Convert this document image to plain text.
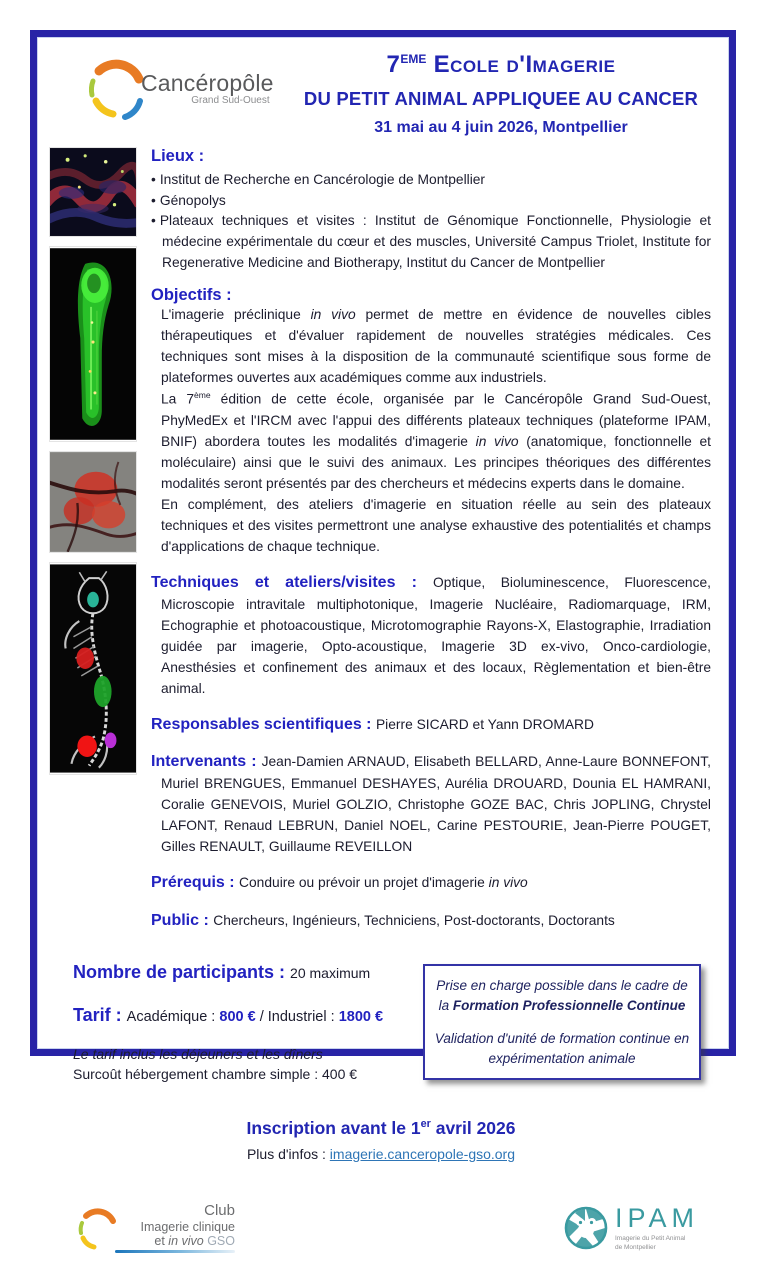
Cancéropôle
Grand Sud-Ouest
7EME Ecole d'Imagerie
DU PETIT ANIMAL APPLIQUEE AU CANCER
31 mai au 4 juin 2026, Montpellier
Lieux :
• Institut de Recherche en Cancérologie de Montpellier
• Génopolys
• Plateaux techniques et visites : Institut de Génomique Fonctionnelle, Physiologie et médecine expérimentale du cœur et des muscles, Université Campus Triolet, Institute for Regenerative Medicine and Biotherapy, Institut du Cancer de Montpellier
Objectifs :

L'imagerie préclinique in vivo permet de mettre en évidence de nouvelles cibles thérapeutiques et d'évaluer rapidement de nouvelles stratégies médicales. Ces techniques sont mises à la disposition de la communauté scientifique sous forme de plateformes ouvertes aux académiques comme aux industriels.

La 7ème édition de cette école, organisée par le Cancéropôle Grand Sud-Ouest, PhyMedEx et l'IRCM avec l'appui des différents plateaux techniques (plateforme IPAM, BNIF) abordera toutes les modalités d'imagerie in vivo (anatomique, fonctionnelle et moléculaire) ainsi que le suivi des animaux. Les principes théoriques des différentes modalités seront présentés par des chercheurs et médecins experts dans le domaine.

En complément, des ateliers d'imagerie en situation réelle au sein des plateaux techniques et des visites permettront une analyse exhaustive des potentialités et champs d'applications de chaque technique.

Techniques et ateliers/visites : Optique, Bioluminescence, Fluorescence, Microscopie intravitale multiphotonique, Imagerie Nucléaire, Radiomarquage, IRM, Echographie et photoacoustique, Microtomographie Rayons-X, Elastographie, Irradiation guidée par imagerie, Opto-acoustique, Imagerie 3D ex-vivo, Onco-cardiologie, Anesthésies et confinement des animaux et des locaux, Règlementation et bien-être animal.

Responsables scientifiques : Pierre SICARD et Yann DROMARD

Intervenants : Jean-Damien ARNAUD, Elisabeth BELLARD, Anne-Laure BONNEFONT, Muriel BRENGUES, Emmanuel DESHAYES, Aurélia DROUARD, Dounia EL HAMRANI, Coralie GENEVOIS, Muriel GOLZIO, Christophe GOZE BAC, Chris JOPLING, Chrystel LAFONT, Renaud LEBRUN, Daniel NOEL, Carine PESTOURIE, Jean-Pierre POUGET, Gilles RENAULT, Guillaume REVEILLON

Prérequis : Conduire ou prévoir un projet d'imagerie in vivo

Public : Chercheurs, Ingénieurs, Techniciens, Post-doctorants, Doctorants

Nombre de participants : 20 maximum
Tarif : Académique : 800 € / Industriel : 1800 €
Le tarif inclus les déjeuners et les dîners
Surcoût hébergement chambre simple : 400 €
Prise en charge possible dans le cadre de la Formation Professionnelle Continue
Validation d'unité de formation continue en expérimentation animale
Inscription avant le 1er avril 2026
Plus d'infos : imagerie.canceropole-gso.org
Club
Imagerie clinique
et in vivo GSO
IPAM
Imagerie du Petit Animal
de Montpellier
